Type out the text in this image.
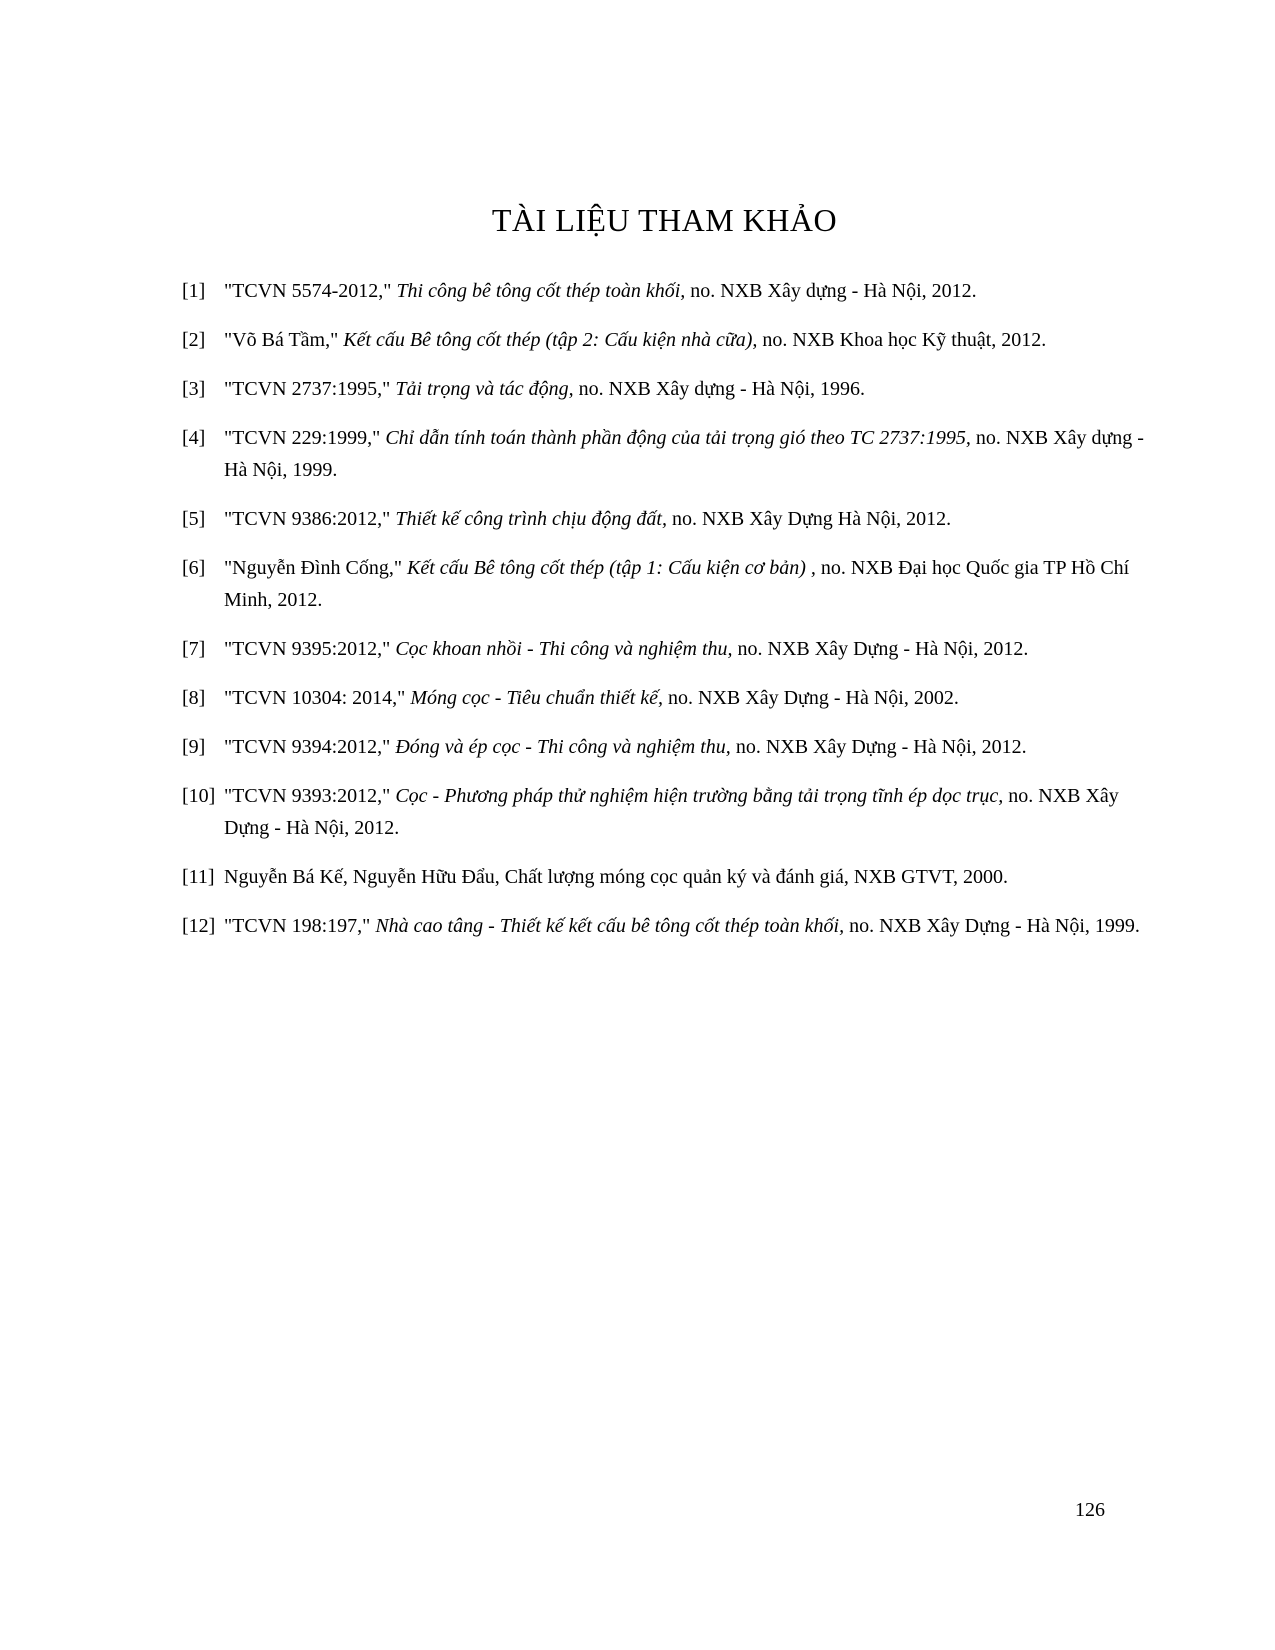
TÀI LIỆU THAM KHẢO
[1] "TCVN 5574-2012," Thi công bê tông cốt thép toàn khối, no. NXB Xây dựng - Hà Nội, 2012.
[2] "Võ Bá Tầm," Kết cấu Bê tông cốt thép (tập 2: Cấu kiện nhà cữa), no. NXB Khoa học Kỹ thuật, 2012.
[3] "TCVN 2737:1995," Tải trọng và tác động, no. NXB Xây dựng - Hà Nội, 1996.
[4] "TCVN 229:1999," Chỉ dẫn tính toán thành phần động của tải trọng gió theo TC 2737:1995, no. NXB Xây dựng - Hà Nội, 1999.
[5] "TCVN 9386:2012," Thiết kế công trình chịu động đất, no. NXB Xây Dựng Hà Nội, 2012.
[6] "Nguyễn Đình Cống," Kết cấu Bê tông cốt thép (tập 1: Cấu kiện cơ bản) , no. NXB Đại học Quốc gia TP Hồ Chí Minh, 2012.
[7] "TCVN 9395:2012," Cọc khoan nhồi - Thi công và nghiệm thu, no. NXB Xây Dựng - Hà Nội, 2012.
[8] "TCVN 10304: 2014," Móng cọc - Tiêu chuẩn thiết kế, no. NXB Xây Dựng - Hà Nội, 2002.
[9] "TCVN 9394:2012," Đóng và ép cọc - Thi công và nghiệm thu, no. NXB Xây Dựng - Hà Nội, 2012.
[10] "TCVN 9393:2012," Cọc - Phương pháp thử nghiệm hiện trường bằng tải trọng tĩnh ép dọc trục, no. NXB Xây Dựng - Hà Nội, 2012.
[11] Nguyễn Bá Kế, Nguyễn Hữu Đẩu, Chất lượng móng cọc quản ký và đánh giá, NXB GTVT, 2000.
[12] "TCVN 198:197," Nhà cao tâng - Thiết kế kết cấu bê tông cốt thép toàn khối, no. NXB Xây Dựng - Hà Nội, 1999.
126
